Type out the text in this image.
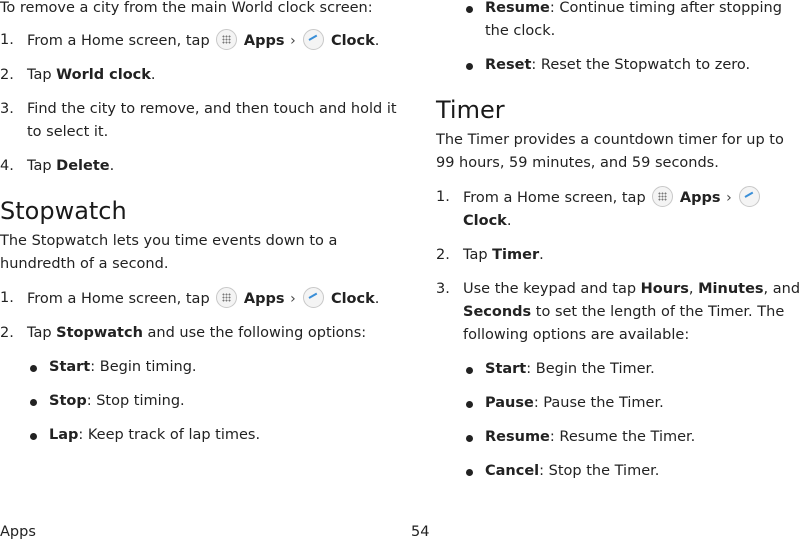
To remove a city from the main World clock screen:

1. From a Home screen, tap
Apps › Clock.

2. Tap World clock.

3. Find the city to remove, and then touch and hold it to select it.

4. Tap Delete.

Stopwatch

The Stopwatch lets you time events down to a hundredth of a second.

1. From a Home screen, tap
Apps › Clock.

2. Tap Stopwatch and use the following options:

Start: Begin timing.

Stop: Stop timing.

Lap: Keep track of lap times.

Resume: Continue timing after stopping the clock.

Reset: Reset the Stopwatch to zero.

Timer

The Timer provides a countdown timer for up to 99 hours, 59 minutes, and 59 seconds.

1. From a Home screen, tap
Apps ›
Clock.

2. Tap Timer.

3. Use the keypad and tap Hours, Minutes, and Seconds to set the length of the Timer. The following options are available:

Start: Begin the Timer.

Pause: Pause the Timer.

Resume: Resume the Timer.

Cancel: Stop the Timer.

Apps	54
